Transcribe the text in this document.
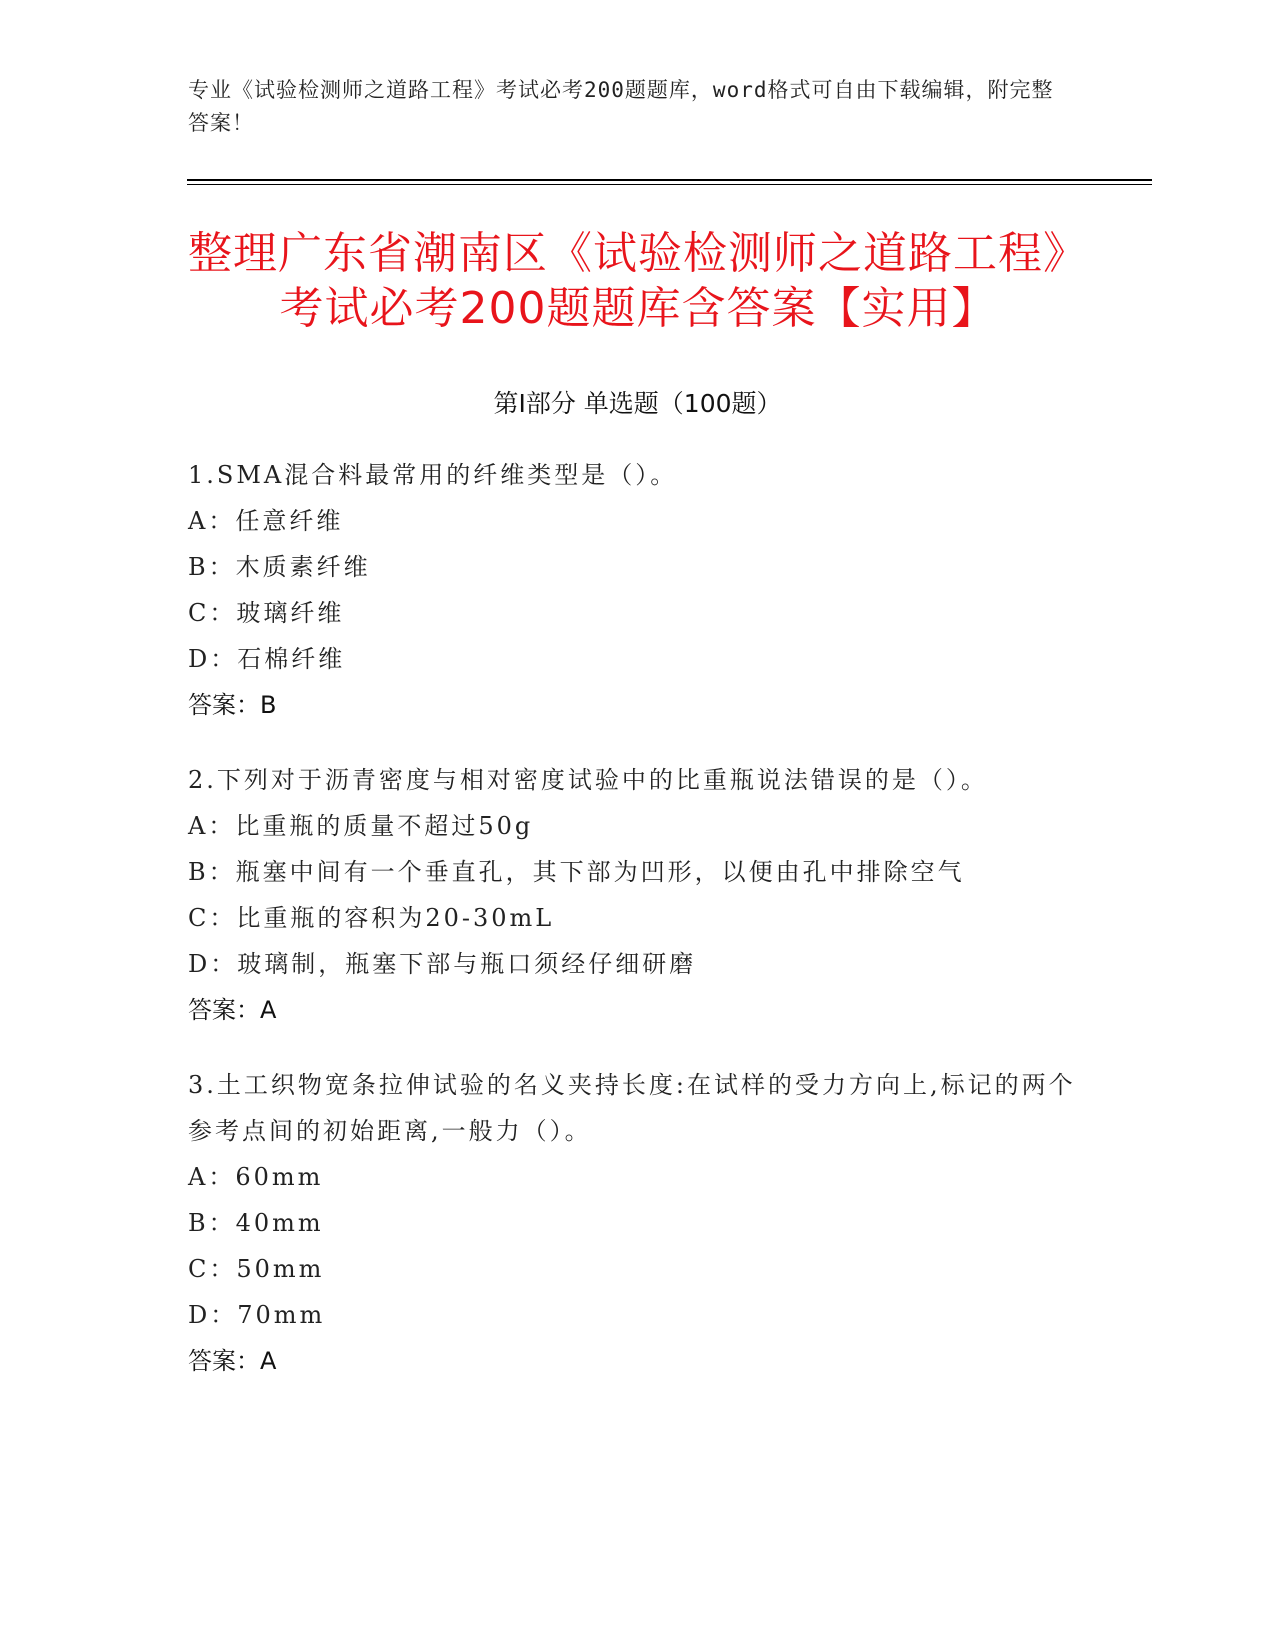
专业《试验检测师之道路工程》考试必考200题题库，word格式可自由下载编辑，附完整答案！
整理广东省潮南区《试验检测师之道路工程》考试必考200题题库含答案【实用】
第I部分 单选题（100题）
1.SMA混合料最常用的纤维类型是（）。
A：任意纤维
B：木质素纤维
C：玻璃纤维
D：石棉纤维
答案：B
2.下列对于沥青密度与相对密度试验中的比重瓶说法错误的是（）。
A：比重瓶的质量不超过50g
B：瓶塞中间有一个垂直孔，其下部为凹形，以便由孔中排除空气
C：比重瓶的容积为20-30mL
D：玻璃制，瓶塞下部与瓶口须经仔细研磨
答案：A
3.土工织物宽条拉伸试验的名义夹持长度:在试样的受力方向上,标记的两个参考点间的初始距离,一般力（）。
A：60mm
B：40mm
C：50mm
D：70mm
答案：A
